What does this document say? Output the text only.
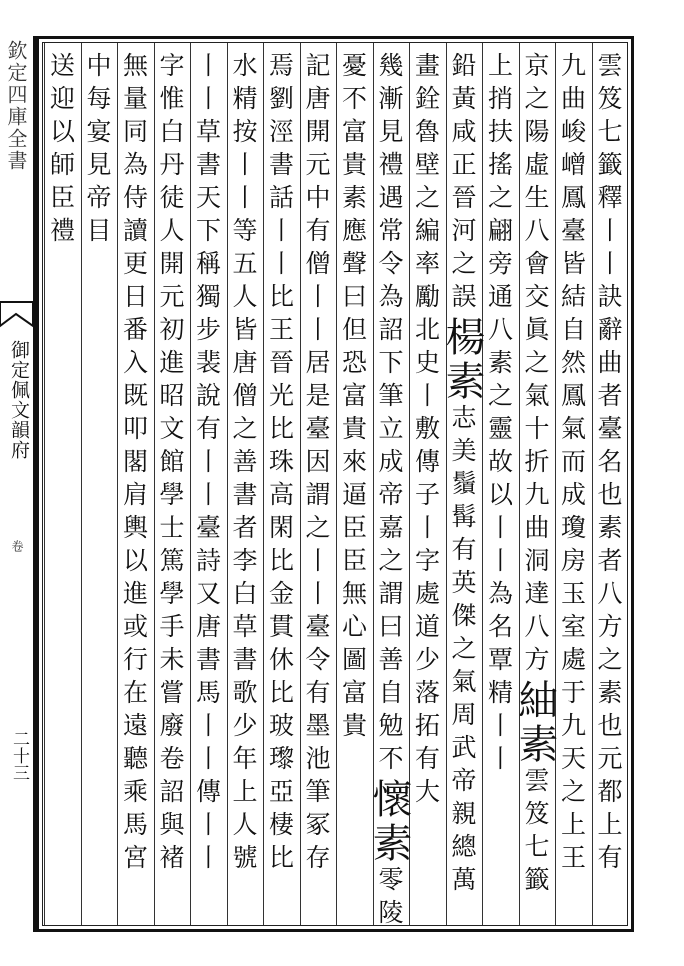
欽定四庫全書
御定佩文韻府
卷
二十三	雲笈七籤釋丨丨訣辭曲者臺名也素者八方之素也元都上有
九曲峻嶒鳳臺皆結自然鳳氣而成瓊房玉室處于九天之上王
京之陽虛生八會交眞之氣十折九曲洞達八方紬素雲笈七籤
上捎扶搖之翩旁通八素之靈故以丨丨為名覃精丨丨
鉛黃咸正晉河之誤楊素志美鬚髯有英傑之氣周武帝親總萬
畫銓魯壁之編率勵北史丨敷傳子丨字處道少落拓有大
幾漸見禮遇常令為詔下筆立成帝嘉之謂曰善自勉不懷素零陵
憂不富貴素應聲曰但恐富貴來逼臣臣無心圖富貴
記唐開元中有僧丨丨居是臺因謂之丨丨臺令有墨池筆冢存
焉劉涇書話丨丨比王晉光比珠高閑比金貫休比玻瓈亞棲比
水精按丨丨等五人皆唐僧之善書者李白草書歌少年上人號
丨丨草書天下稱獨步裴說有丨丨臺詩又唐書馬丨丨傳丨丨
字惟白丹徒人開元初進昭文館學士篤學手未嘗廢卷詔與褚
無量同為侍讀更日番入既叩閣肩輿以進或行在遠聽乘馬宮
中每宴見帝目
送迎以師臣禮
